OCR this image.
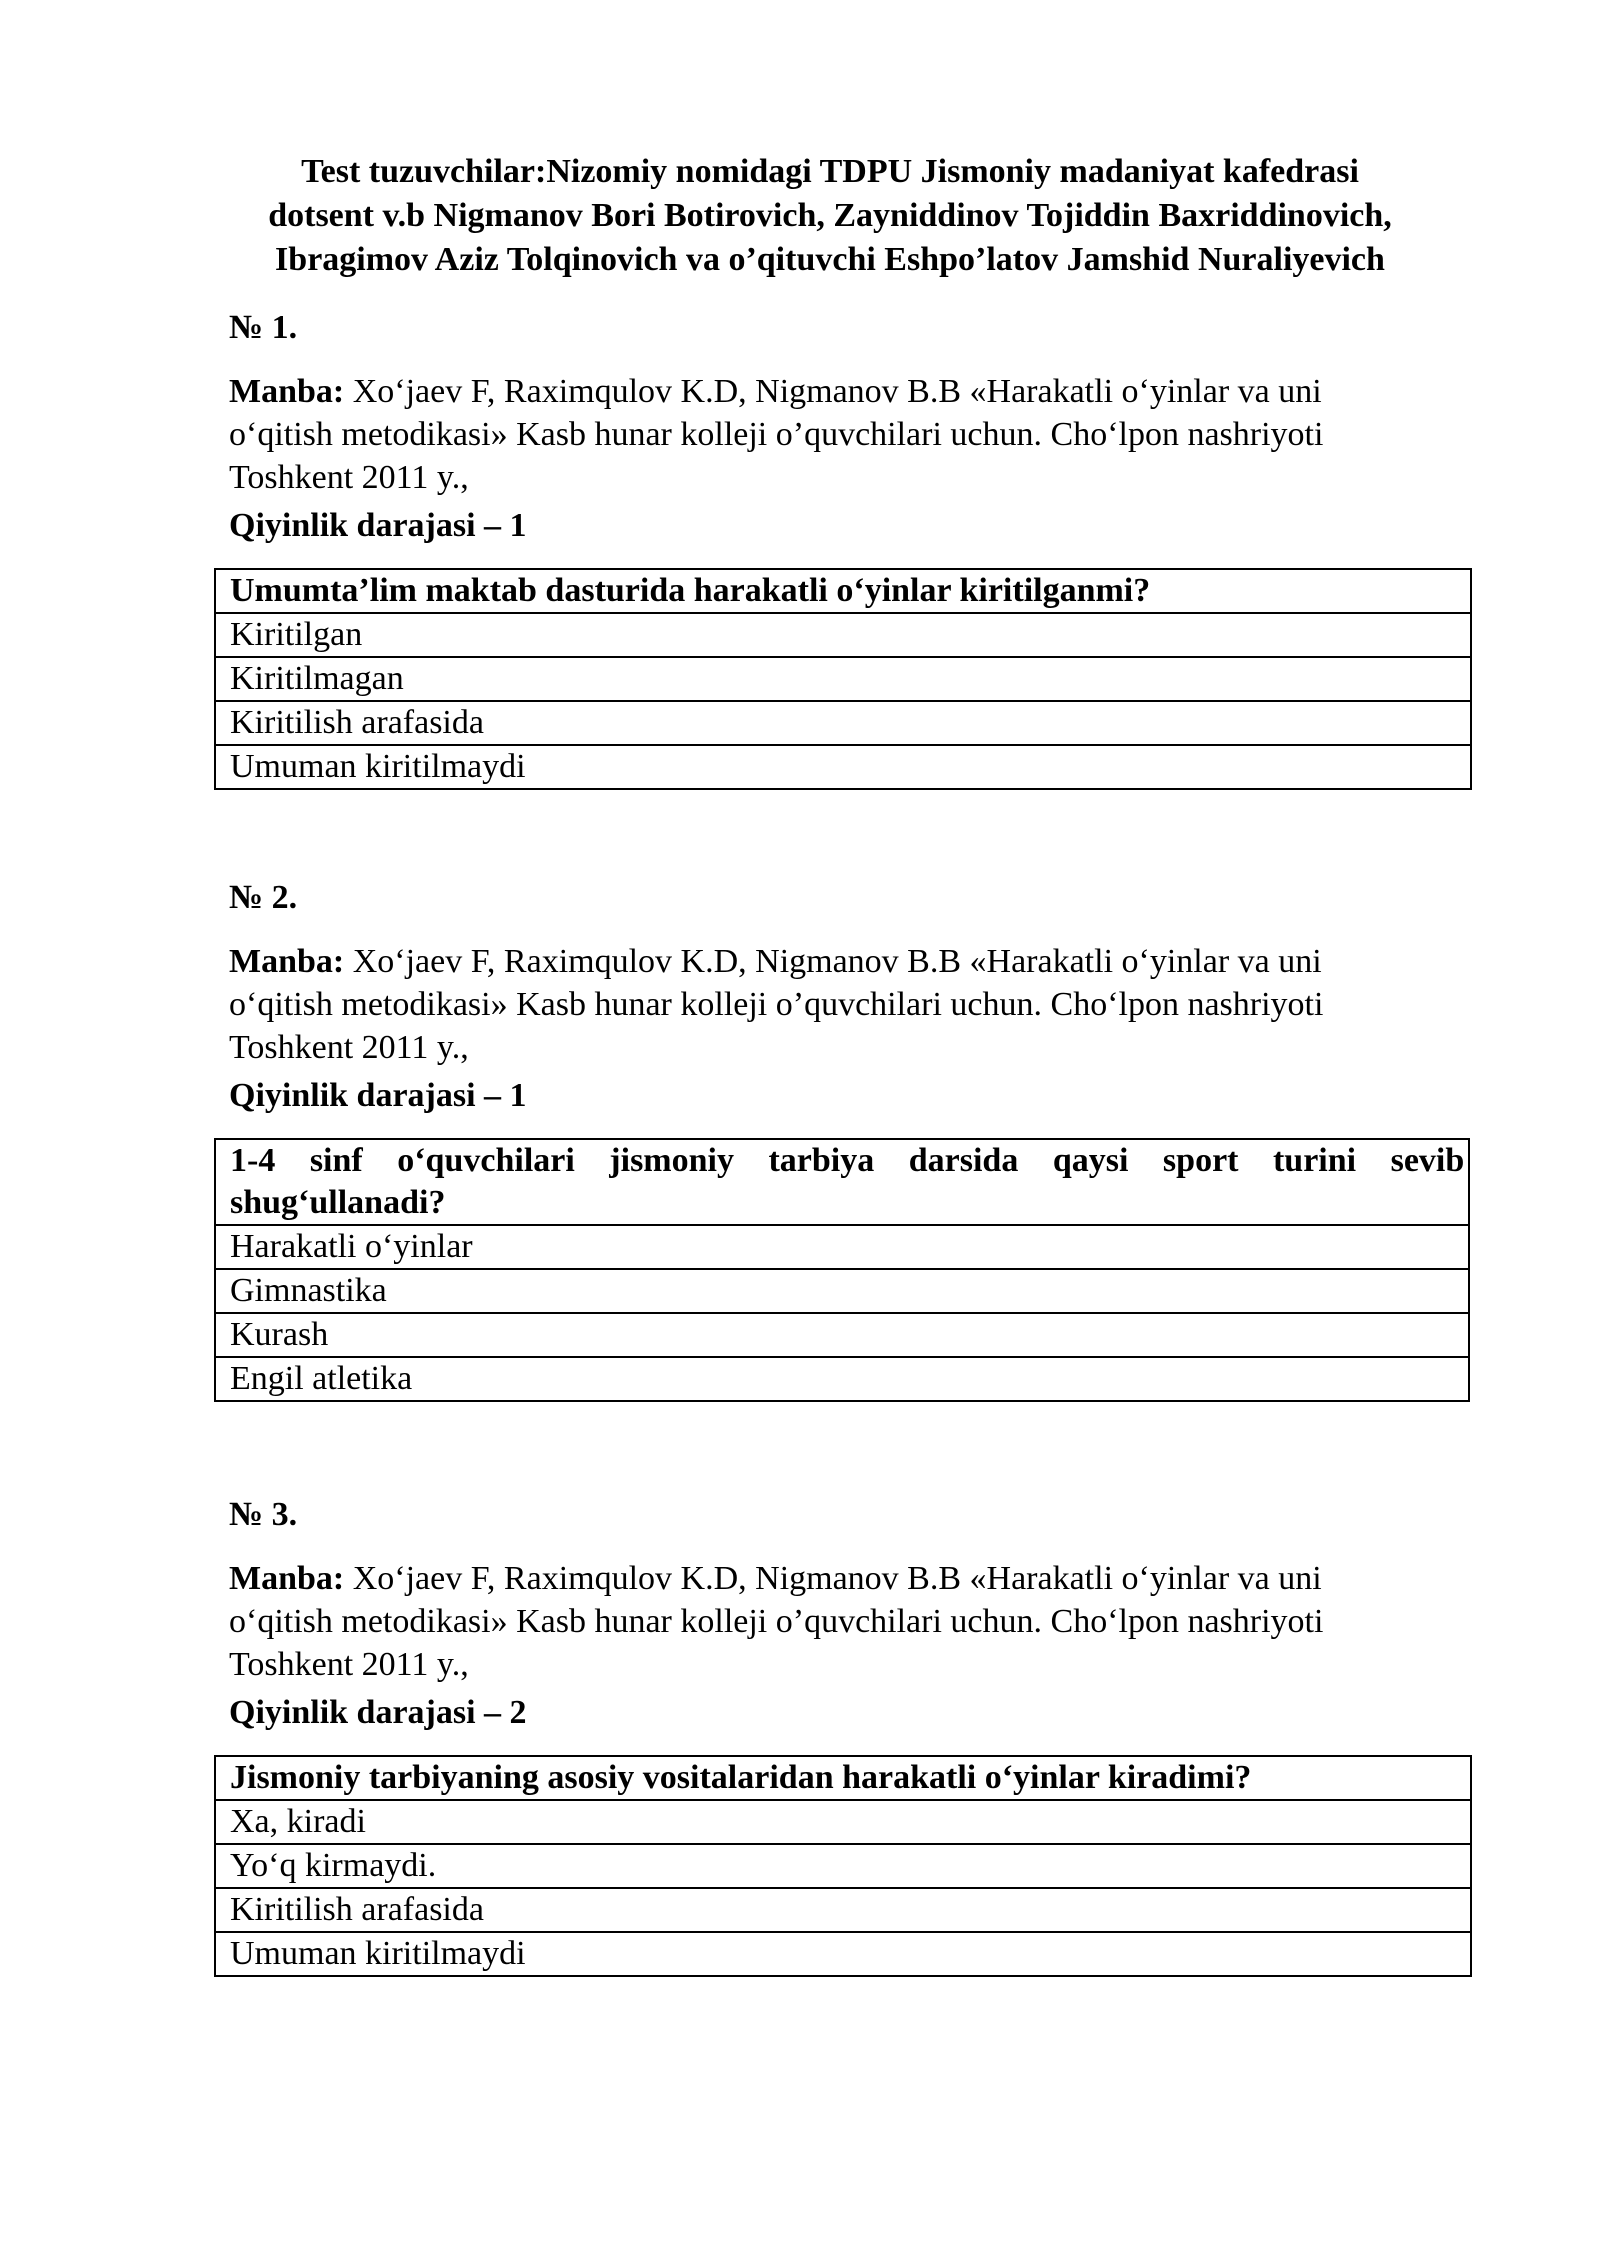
Test tuzuvchilar:Nizomiy nomidagi TDPU Jismoniy madaniyat kafedrasi
dotsent v.b Nigmanov Bori Botirovich, Zayniddinov Tojiddin Baxriddinovich,
Ibragimov Aziz Tolqinovich va o’qituvchi Eshpo’latov Jamshid Nuraliyevich
№ 1.
Manba: Xo‘jaev F, Raximqulov K.D, Nigmanov B.B «Harakatli o‘yinlar va uni
o‘qitish metodikasi» Kasb hunar kolleji o’quvchilari uchun. Cho‘lpon nashriyoti
Toshkent 2011 y.,
Qiyinlik darajasi – 1
Umumta’lim maktab dasturida harakatli o‘yinlar kiritilganmi?
Kiritilgan
Kiritilmagan
Kiritilish arafasida
Umuman kiritilmaydi
№ 2.
Manba: Xo‘jaev F, Raximqulov K.D, Nigmanov B.B «Harakatli o‘yinlar va uni
o‘qitish metodikasi» Kasb hunar kolleji o’quvchilari uchun. Cho‘lpon nashriyoti
Toshkent 2011 y.,
Qiyinlik darajasi – 1
1-4 sinf o‘quvchilari jismoniy tarbiya darsida qaysi sport turini sevib
shug‘ullanadi?

Harakatli o‘yinlar
Gimnastika
Kurash
Engil atletika
№ 3.
Manba: Xo‘jaev F, Raximqulov K.D, Nigmanov B.B «Harakatli o‘yinlar va uni
o‘qitish metodikasi» Kasb hunar kolleji o’quvchilari uchun. Cho‘lpon nashriyoti
Toshkent 2011 y.,
Qiyinlik darajasi – 2
Jismoniy tarbiyaning asosiy vositalaridan harakatli o‘yinlar kiradimi?
Xa, kiradi
Yo‘q kirmaydi.
Kiritilish arafasida
Umuman kiritilmaydi
